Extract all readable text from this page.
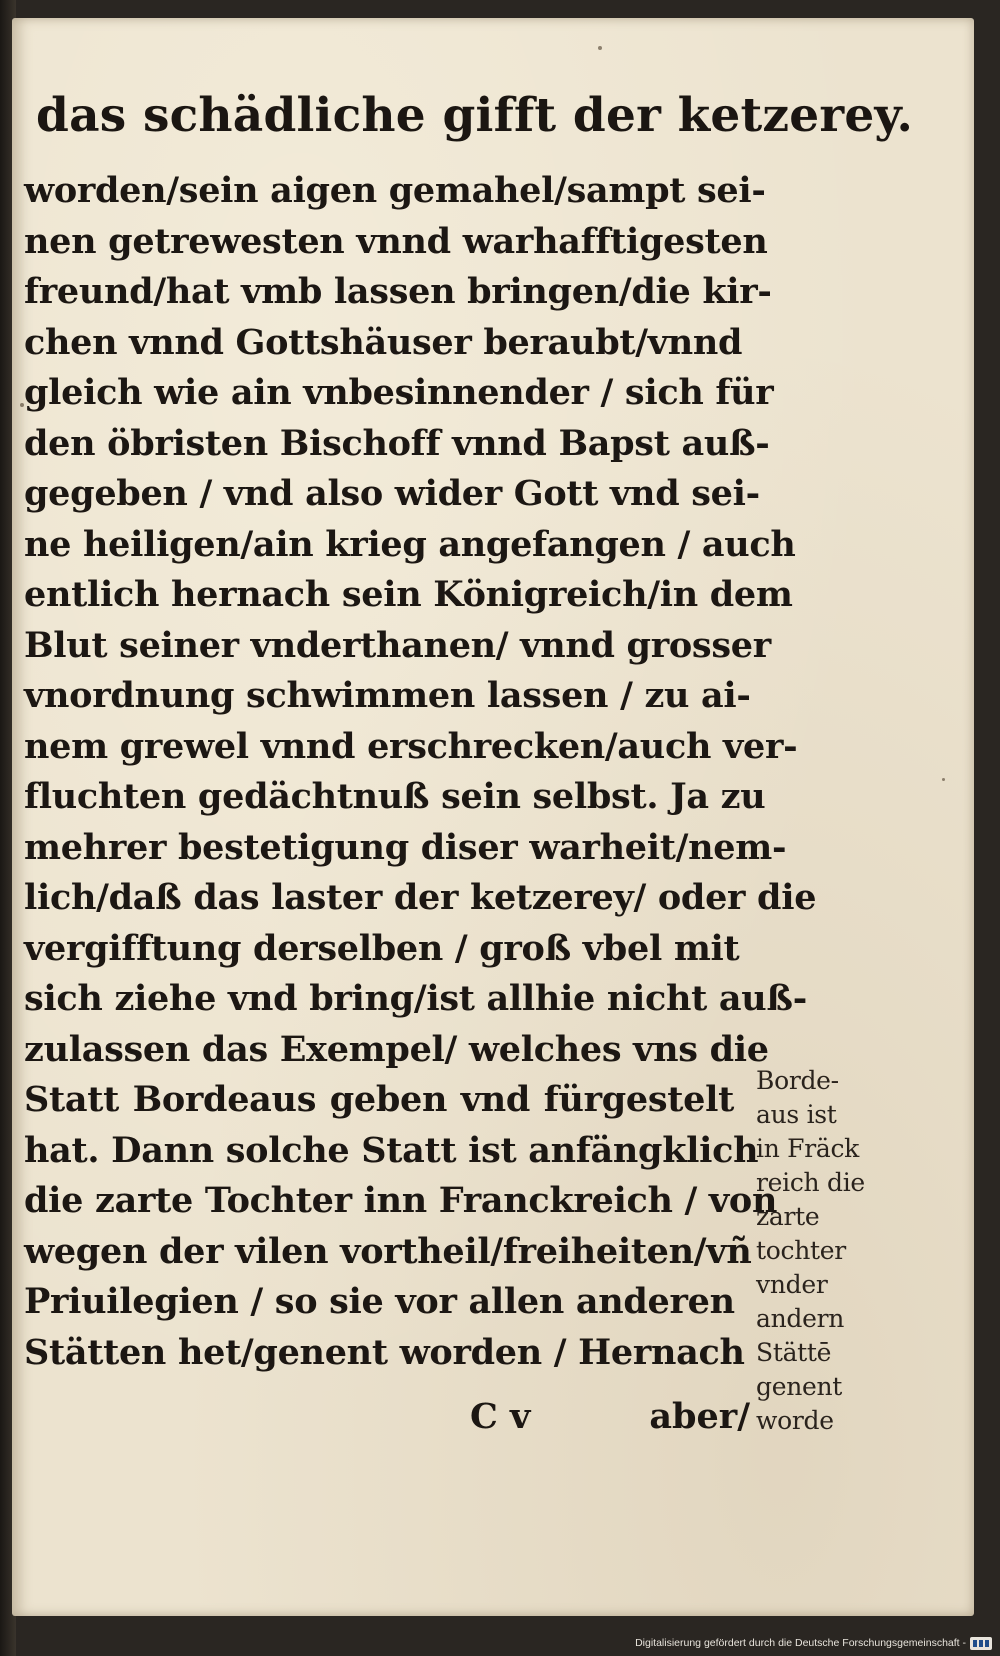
das schädliche gifft der ketzerey.
worden/sein aigen gemahel/sampt sei-
nen getrewesten vnnd warhafftigesten
freund/hat vmb lassen bringen/die kir-
chen vnnd Gottshäuser beraubt/vnnd
gleich wie ain vnbesinnender / sich für
den öbristen Bischoff vnnd Bapst auß-
gegeben / vnd also wider Gott vnd sei-
ne heiligen/ain krieg angefangen / auch
entlich hernach sein Königreich/in dem
Blut seiner vnderthanen/ vnnd grosser
vnordnung schwimmen lassen / zu ai-
nem grewel vnnd erschrecken/auch ver-
fluchten gedächtnuß sein selbst. Ja zu
mehrer bestetigung diser warheit/nem-
lich/daß das laster der ketzerey/ oder die
vergifftung derselben / groß vbel mit
sich ziehe vnd bring/ist allhie nicht auß-
zulassen das Exempel/ welches vns die
Statt Bordeaus geben vnd fürgestelt
hat. Dann solche Statt ist anfängklich
die zarte Tochter inn Franckreich / von
wegen der vilen vortheil/freiheiten/vñ
Priuilegien / so sie vor allen anderen
Stätten het/genent worden / Hernach
C v	aber/
Borde-
aus ist
in Fräck
reich die
zarte
tochter
vnder
andern
Stättē
genent
worde
Digitalisierung gefördert durch die Deutsche Forschungsgemeinschaft -
